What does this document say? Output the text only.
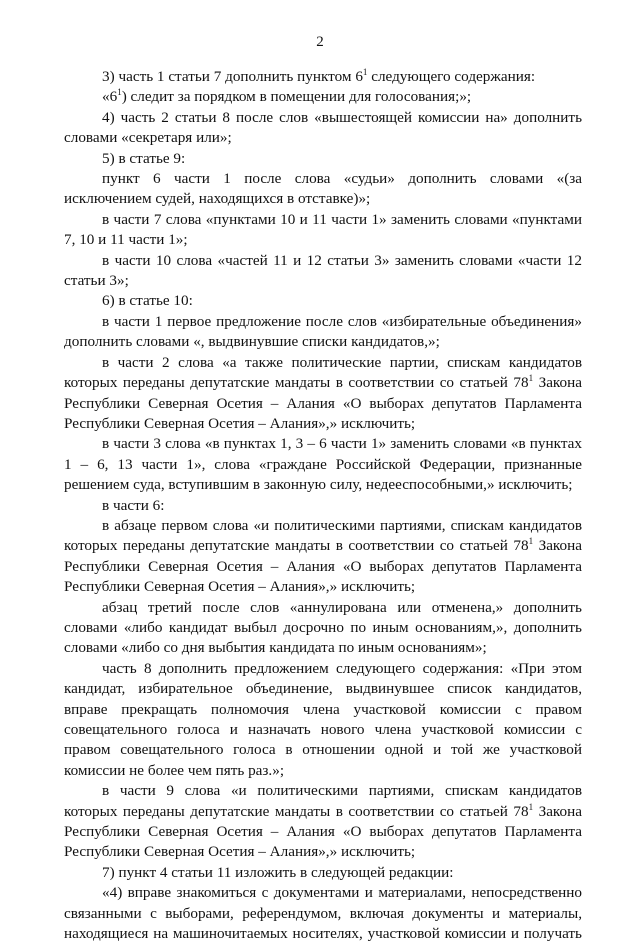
2

3) часть 1 статьи 7 дополнить пунктом $6^1$ следующего содержания:

«$6^1$) следит за порядком в помещении для голосования;»;

4) часть 2 статьи 8 после слов «вышестоящей комиссии на» дополнить словами «секретаря или»;

5) в статье 9:

пункт 6 части 1 после слова «судьи» дополнить словами «(за исключением судей, находящихся в отставке)»;

в части 7 слова «пунктами 10 и 11 части 1» заменить словами «пунктами 7, 10 и 11 части 1»;

в части 10 слова «частей 11 и 12 статьи 3» заменить словами «части 12 статьи 3»;

6) в статье 10:

в части 1 первое предложение после слов «избирательные объединения» дополнить словами «, выдвинувшие списки кандидатов,»;

в части 2 слова «а также политические партии, спискам кандидатов которых переданы депутатские мандаты в соответствии со статьей $78^1$ Закона Республики Северная Осетия – Алания «О выборах депутатов Парламента Республики Северная Осетия – Алания»,» исключить;

в части 3 слова «в пунктах 1, 3 – 6 части 1» заменить словами «в пунктах 1 – 6, 13 части 1», слова «граждане Российской Федерации, признанные решением суда, вступившим в законную силу, недееспособными,» исключить;

в части 6:

в абзаце первом слова «и политическими партиями, спискам кандидатов которых переданы депутатские мандаты в соответствии со статьей $78^1$ Закона Республики Северная Осетия – Алания «О выборах депутатов Парламента Республики Северная Осетия – Алания»,» исключить;

абзац третий после слов «аннулирована или отменена,» дополнить словами «либо кандидат выбыл досрочно по иным основаниям,», дополнить словами «либо со дня выбытия кандидата по иным основаниям»;

часть 8 дополнить предложением следующего содержания: «При этом кандидат, избирательное объединение, выдвинувшее список кандидатов, вправе прекращать полномочия члена участковой комиссии с правом совещательного голоса и назначать нового члена участковой комиссии с правом совещательного голоса в отношении одной и той же участковой комиссии не более чем пять раз.»;

в части 9 слова «и политическими партиями, спискам кандидатов которых переданы депутатские мандаты в соответствии со статьей $78^1$ Закона Республики Северная Осетия – Алания «О выборах депутатов Парламента Республики Северная Осетия – Алания»,» исключить;

7) пункт 4 статьи 11 изложить в следующей редакции:

«4) вправе знакомиться с документами и материалами, непосредственно связанными с выборами, референдумом, включая документы и материалы, находящиеся на машиночитаемых носителях, участковой комиссии и получать
